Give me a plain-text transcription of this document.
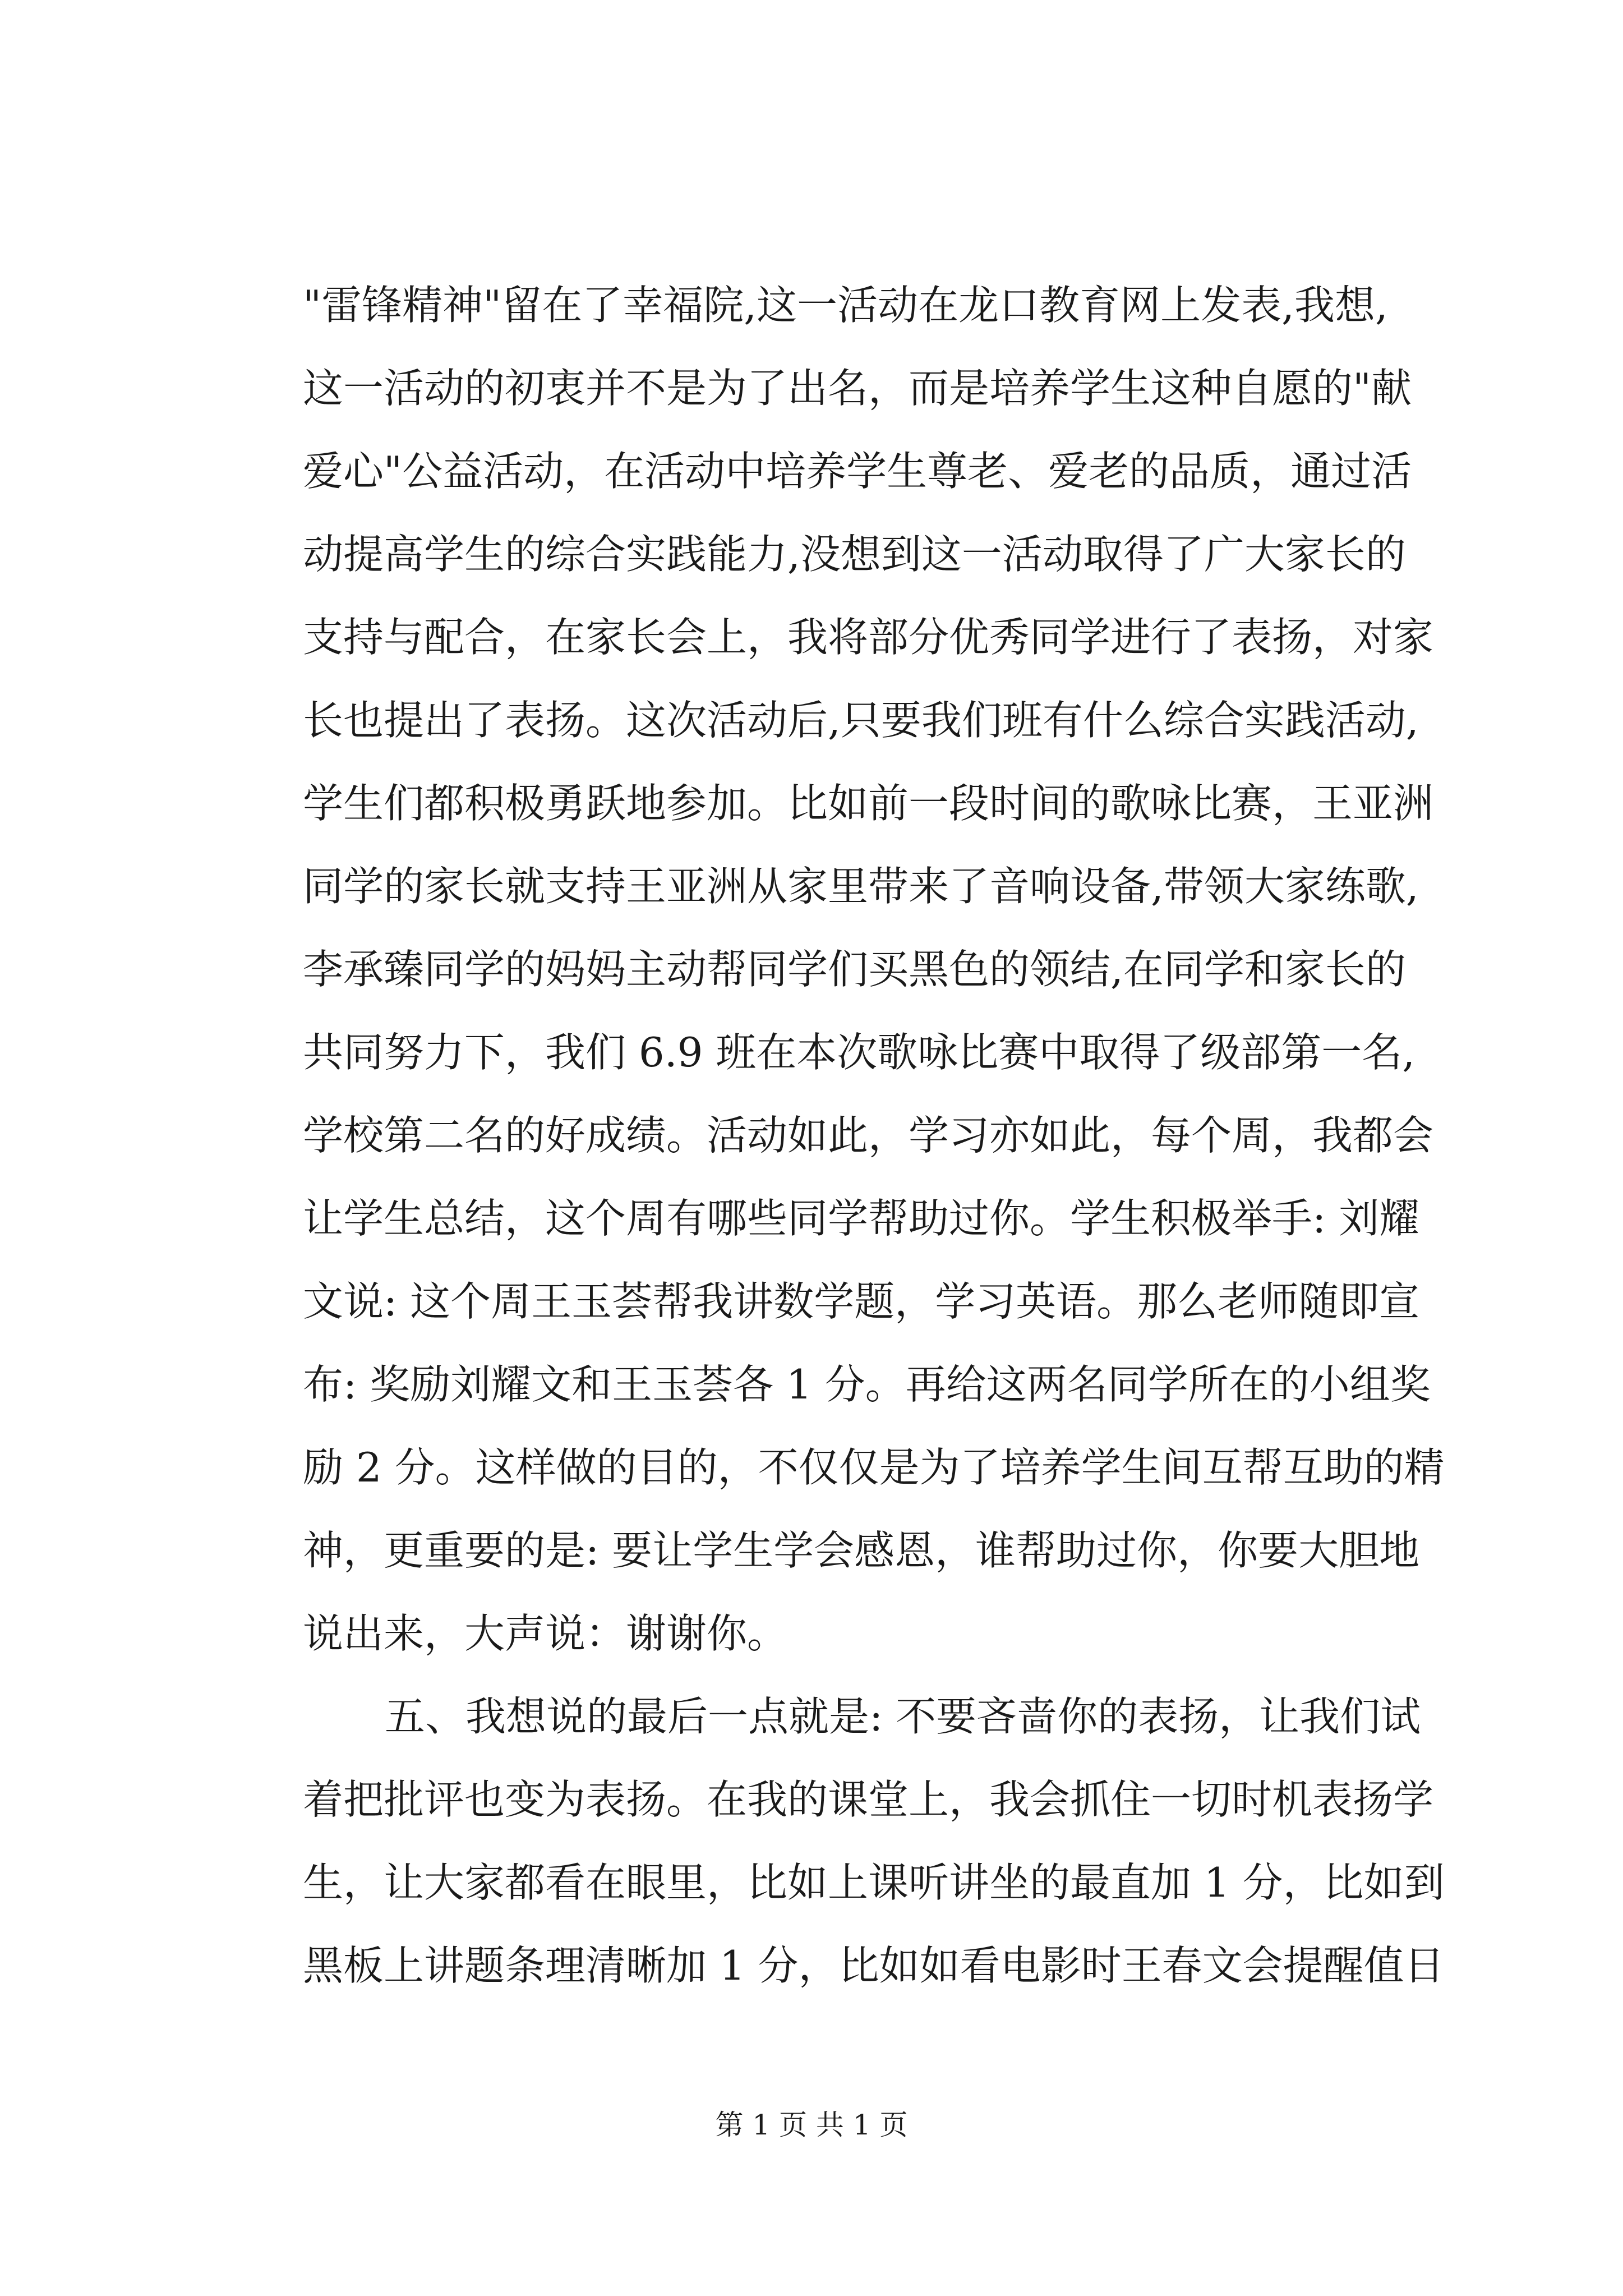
"雷锋精神"留在了幸福院,这一活动在龙口教育网上发表,我想,
这一活动的初衷并不是为了出名，而是培养学生这种自愿的"献
爱心"公益活动，在活动中培养学生尊老、爱老的品质，通过活
动提高学生的综合实践能力,没想到这一活动取得了广大家长的
支持与配合，在家长会上，我将部分优秀同学进行了表扬，对家
长也提出了表扬。这次活动后,只要我们班有什么综合实践活动,
学生们都积极勇跃地参加。比如前一段时间的歌咏比赛，王亚洲
同学的家长就支持王亚洲从家里带来了音响设备,带领大家练歌,
李承臻同学的妈妈主动帮同学们买黑色的领结,在同学和家长的
共同努力下，我们 6.9 班在本次歌咏比赛中取得了级部第一名,
学校第二名的好成绩。活动如此，学习亦如此，每个周，我都会
让学生总结，这个周有哪些同学帮助过你。学生积极举手: 刘耀
文说: 这个周王玉荟帮我讲数学题，学习英语。那么老师随即宣
布: 奖励刘耀文和王玉荟各 1 分。再给这两名同学所在的小组奖
励 2 分。这样做的目的，不仅仅是为了培养学生间互帮互助的精
神，更重要的是: 要让学生学会感恩，谁帮助过你，你要大胆地
说出来，大声说：谢谢你。
五、我想说的最后一点就是: 不要吝啬你的表扬，让我们试
着把批评也变为表扬。在我的课堂上，我会抓住一切时机表扬学
生，让大家都看在眼里，比如上课听讲坐的最直加 1 分，比如到
黑板上讲题条理清晰加 1 分，比如如看电影时王春文会提醒值日
第 1 页 共 1 页
